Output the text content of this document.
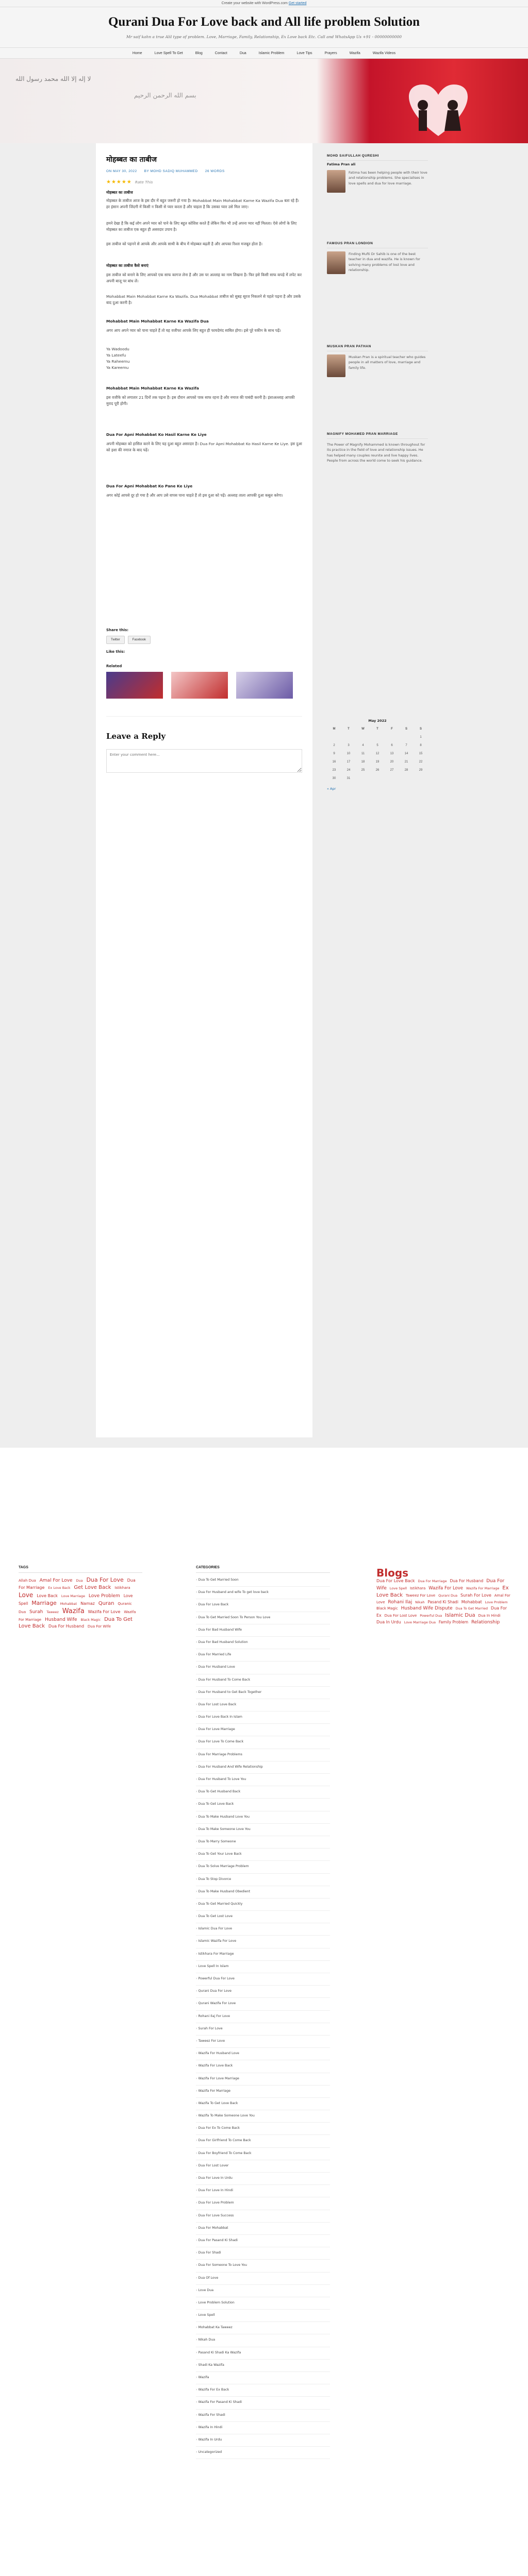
Create your website with WordPress.com Get started
Qurani Dua For Love back and All life problem Solution
Mr saif kahn a true Alil type of problem. Love, Marriage, Family, Relationship, Ex Love back Etc. Call and WhatsApp Us +91 - 00000000000
Home	Love Spell To Get	Blog	Contact	Dua	Islamic Problem	Love Tips	Prayers	Wazifa	Wazifa Videos
لا إله إلا الله محمد رسول الله
بسم الله الرحمن الرحيم
मोहब्बत का ताबीज
ON MAY 30, 2022 BY MOHD SADIQ MUHAMMED 26 WORDS
★★★★★ Rate This
मोहब्बत का ताबीज
मोहब्बत के ताबीज आज के इस दौर में बहुत जरूरी हो गया है। Mohabbat Main Mohabbat Karne Ka Wazifa Dua बता रहे हैं। हर इंसान अपनी जिंदगी में किसी न किसी से प्यार करता है और चाहता है कि उसका प्यार उसे मिल जाए।
हमने देखा है कि कई लोग अपने प्यार को पाने के लिए बहुत कोशिश करते हैं लेकिन फिर भी उन्हें अपना प्यार नहीं मिलता। ऐसे लोगों के लिए मोहब्बत का ताबीज एक बहुत ही असरदार उपाय है।
इस ताबीज को पहनने से आपके और आपके साथी के बीच में मोहब्बत बढ़ती है और आपका रिश्ता मजबूत होता है।
मोहब्बत का ताबीज कैसे बनाएं
इस ताबीज को बनाने के लिए आपको एक साफ कागज लेना है और उस पर अल्लाह का नाम लिखना है। फिर इसे किसी साफ कपड़े में लपेट कर अपनी बाजू पर बांध लें।
Mohabbat Main Mohabbat Karne Ka Wazifa. Dua Mohabbat ताबीज को सुबह सूरज निकलने से पहले पढ़ना है और उसके बाद दुआ करनी है।
Mohabbat Main Mohabbat Karne Ka Wazifa Dua
अगर आप अपने प्यार को पाना चाहते हैं तो यह वजीफा आपके लिए बहुत ही फायदेमंद साबित होगा। इसे पूरे यकीन के साथ पढ़ें।
Ya Wadoodu
Ya Lateefu
Ya Raheemu
Ya Kareemu
Mohabbat Main Mohabbat Karne Ka Wazifa
इस वजीफे को लगातार 21 दिनों तक पढ़ना है। इस दौरान आपको पाक साफ रहना है और नमाज की पाबंदी करनी है। इंशाअल्लाह आपकी मुराद पूरी होगी।
Dua For Apni Mohabbat Ko Hasil Karne Ke Liye
अपनी मोहब्बत को हासिल करने के लिए यह दुआ बहुत असरदार है। Dua For Apni Mohabbat Ko Hasil Karne Ke Liye. इस दुआ को इशा की नमाज के बाद पढ़ें।
Dua For Apni Mohabbat Ko Pane Ke Liye
अगर कोई आपसे दूर हो गया है और आप उसे वापस पाना चाहते हैं तो इस दुआ को पढ़ें। अल्लाह ताला आपकी दुआ कबूल करेगा।
Share this:
Twitter	Facebook
Like this:
Related
Leave a Reply
Enter your comment here...
MOHD SAIFULLAH QURESHI
Fatima Pran ali
Fatima has been helping people with their love and relationship problems. She specialises in love spells and dua for love marriage.
FAMOUS PRAN LONDION
Finding Mufti Dr Sahib is one of the best teacher in dua and wazifa. He is known for solving many problems of lost love and relationship.
MUSKAN PRAN PATHAN
Muskan Pran is a spiritual teacher who guides people in all matters of love, marriage and family life.
MAGNIFY MOHAMED PRAN MARRIAGE
The Power of Magnify Mohammed is known throughout for its practice in the field of love and relationship issues. He has helped many couples reunite and live happy lives. People from across the world come to seek his guidance.
May 2022
M	T	W	T	F	S	S
						1
2	3	4	5	6	7	8
9	10	11	12	13	14	15
16	17	18	19	20	21	22
23	24	25	26	27	28	29
30	31					
« Apr
TAGS	CATEGORIES
› Dua To Get Married Soon
› Dua For Husband and wife To get love back
› Dua For Love Back
› Dua To Get Married Soon To Person You Love
› Dua For Bad Husband Wife
› Dua For Bad Husband Solution
› Dua For Married Life
› Dua For Husband Love
› Dua For Husband To Come Back
› Dua For Husband to Get Back Together
› Dua For Lost Love Back
› Dua For Love Back In Islam
› Dua For Love Marriage
› Dua For Love To Come Back
› Dua For Marriage Problems
› Dua For Husband And Wife Relationship
› Dua For Husband To Love You
› Dua To Get Husband Back
› Dua To Get Love Back
› Dua To Make Husband Love You
› Dua To Make Someone Love You
› Dua To Marry Someone
› Dua To Get Your Love Back
› Dua To Solve Marriage Problem
› Dua To Stop Divorce
› Dua To Make Husband Obedient
› Dua To Get Married Quickly
› Dua To Get Lost Love
› Islamic Dua For Love
› Islamic Wazifa For Love
› Istikhara For Marriage
› Love Spell In Islam
› Powerful Dua For Love
› Qurani Dua For Love
› Qurani Wazifa For Love
› Rohani Ilaj For Love
› Surah For Love
› Taweez For Love
› Wazifa For Husband Love
› Wazifa For Love Back
› Wazifa For Love Marriage
› Wazifa For Marriage
› Wazifa To Get Love Back
› Wazifa To Make Someone Love You
› Dua For Ex To Come Back
› Dua For Girlfriend To Come Back
› Dua For Boyfriend To Come Back
› Dua For Lost Lover
› Dua For Love In Urdu
› Dua For Love In Hindi
› Dua For Love Problem
› Dua For Love Success
› Dua For Mohabbat
› Dua For Pasand Ki Shadi
› Dua For Shadi
› Dua For Someone To Love You
› Dua Of Love
› Love Dua
› Love Problem Solution
› Love Spell
› Mohabbat Ka Taweez
› Nikah Dua
› Pasand Ki Shadi Ka Wazifa
› Shadi Ka Wazifa
› Wazifa
› Wazifa For Ex Back
› Wazifa For Pasand Ki Shadi
› Wazifa For Shadi
› Wazifa In Hindi
› Wazifa In Urdu
› Uncategorized
Blogs
Allah Dua Amal For Love Dua Dua For Love Dua For Marriage Ex Love Back Get Love Back Istikhara Love Love Back Love Marriage Love Problem Love Spell Marriage Mohabbat Namaz Quran Quranic Dua Surah Taweez Wazifa Wazifa For Love Wazifa For Marriage Husband Wife Black Magic Dua To Get Love Back Dua For Husband Dua For Wife
Dua For Love Back Dua For Marriage Dua For Husband Dua For Wife Love Spell Istikhara Wazifa For Love Wazifa For Marriage Ex Love Back Taweez For Love Qurani Dua Surah For Love Amal For Love Rohani Ilaj Nikah Pasand Ki Shadi Mohabbat Love Problem Black Magic Husband Wife Dispute Dua To Get Married Dua For Ex Dua For Lost Love Powerful Dua Islamic Dua Dua In Hindi Dua In Urdu Love Marriage Dua Family Problem Relationship
